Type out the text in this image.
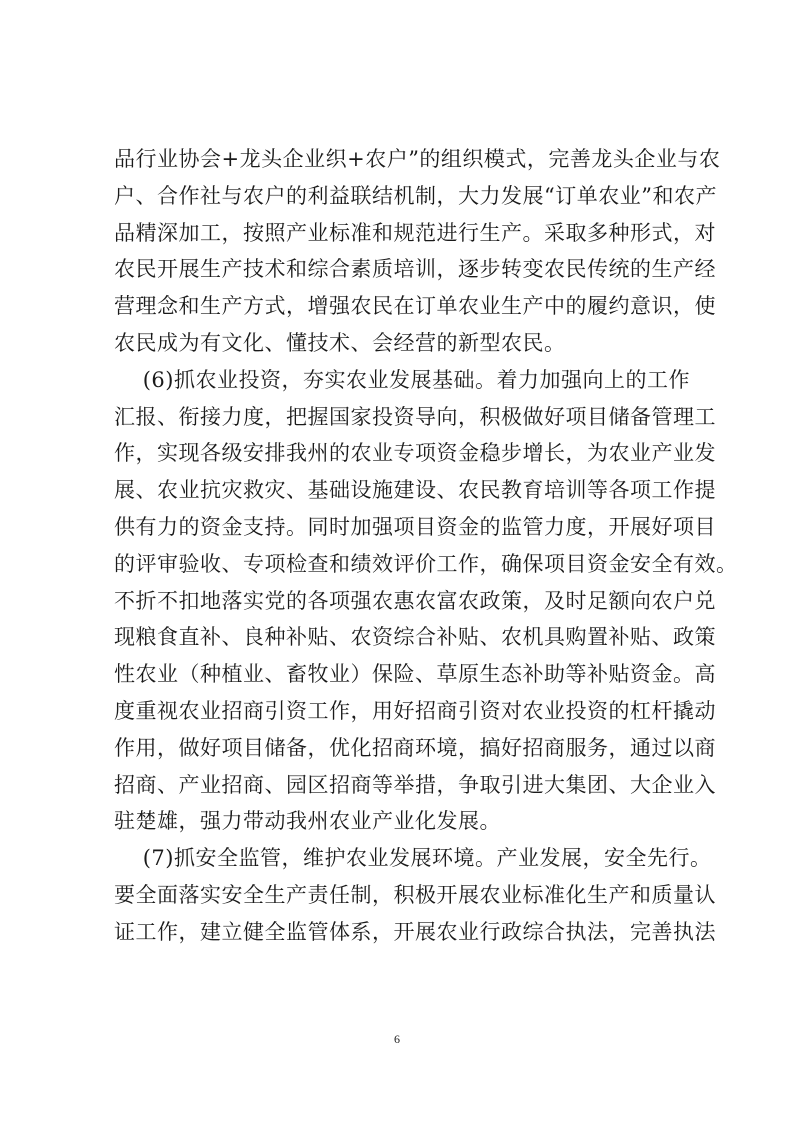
品行业协会+龙头企业织+农户”的组织模式，完善龙头企业与农
户、合作社与农户的利益联结机制，大力发展“订单农业”和农产
品精深加工，按照产业标准和规范进行生产。采取多种形式，对
农民开展生产技术和综合素质培训，逐步转变农民传统的生产经
营理念和生产方式，增强农民在订单农业生产中的履约意识，使
农民成为有文化、懂技术、会经营的新型农民。
(6)抓农业投资，夯实农业发展基础。着力加强向上的工作
汇报、衔接力度，把握国家投资导向，积极做好项目储备管理工
作，实现各级安排我州的农业专项资金稳步增长，为农业产业发
展、农业抗灾救灾、基础设施建设、农民教育培训等各项工作提
供有力的资金支持。同时加强项目资金的监管力度，开展好项目
的评审验收、专项检查和绩效评价工作，确保项目资金安全有效。
不折不扣地落实党的各项强农惠农富农政策，及时足额向农户兑
现粮食直补、良种补贴、农资综合补贴、农机具购置补贴、政策
性农业（种植业、畜牧业）保险、草原生态补助等补贴资金。高
度重视农业招商引资工作，用好招商引资对农业投资的杠杆撬动
作用，做好项目储备，优化招商环境，搞好招商服务，通过以商
招商、产业招商、园区招商等举措，争取引进大集团、大企业入
驻楚雄，强力带动我州农业产业化发展。
(7)抓安全监管，维护农业发展环境。产业发展，安全先行。
要全面落实安全生产责任制，积极开展农业标准化生产和质量认
证工作，建立健全监管体系，开展农业行政综合执法，完善执法
6
